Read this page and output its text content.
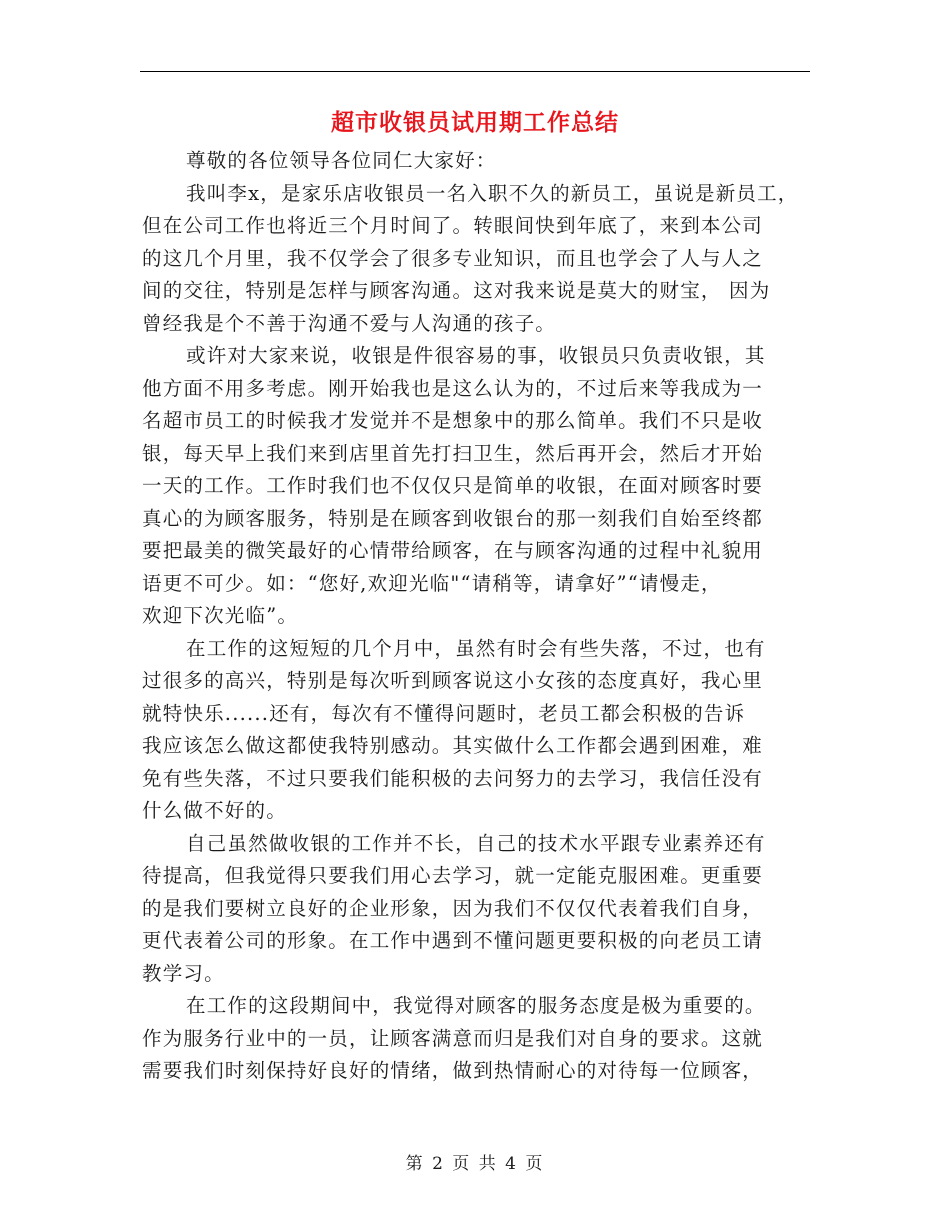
超市收银员试用期工作总结
尊敬的各位领导各位同仁大家好：
我叫李x，是家乐店收银员一名入职不久的新员工，虽说是新员工，
但在公司工作也将近三个月时间了。转眼间快到年底了，来到本公司
的这几个月里，我不仅学会了很多专业知识，而且也学会了人与人之
间的交往，特别是怎样与顾客沟通。这对我来说是莫大的财宝， 因为
曾经我是个不善于沟通不爱与人沟通的孩子。
或许对大家来说，收银是件很容易的事，收银员只负责收银，其
他方面不用多考虑。刚开始我也是这么认为的，不过后来等我成为一
名超市员工的时候我才发觉并不是想象中的那么简单。我们不只是收
银，每天早上我们来到店里首先打扫卫生，然后再开会，然后才开始
一天的工作。工作时我们也不仅仅只是简单的收银，在面对顾客时要
真心的为顾客服务，特别是在顾客到收银台的那一刻我们自始至终都
要把最美的微笑最好的心情带给顾客，在与顾客沟通的过程中礼貌用
语更不可少。如：“您好,欢迎光临"“请稍等，请拿好”“请慢走，
欢迎下次光临”。
在工作的这短短的几个月中，虽然有时会有些失落，不过，也有
过很多的高兴，特别是每次听到顾客说这小女孩的态度真好，我心里
就特快乐......还有，每次有不懂得问题时，老员工都会积极的告诉
我应该怎么做这都使我特别感动。其实做什么工作都会遇到困难，难
免有些失落，不过只要我们能积极的去问努力的去学习，我信任没有
什么做不好的。
自己虽然做收银的工作并不长，自己的技术水平跟专业素养还有
待提高，但我觉得只要我们用心去学习，就一定能克服困难。更重要
的是我们要树立良好的企业形象，因为我们不仅仅代表着我们自身，
更代表着公司的形象。在工作中遇到不懂问题更要积极的向老员工请
教学习。
在工作的这段期间中，我觉得对顾客的服务态度是极为重要的。
作为服务行业中的一员，让顾客满意而归是我们对自身的要求。这就
需要我们时刻保持好良好的情绪，做到热情耐心的对待每一位顾客，
第 2 页 共 4 页
